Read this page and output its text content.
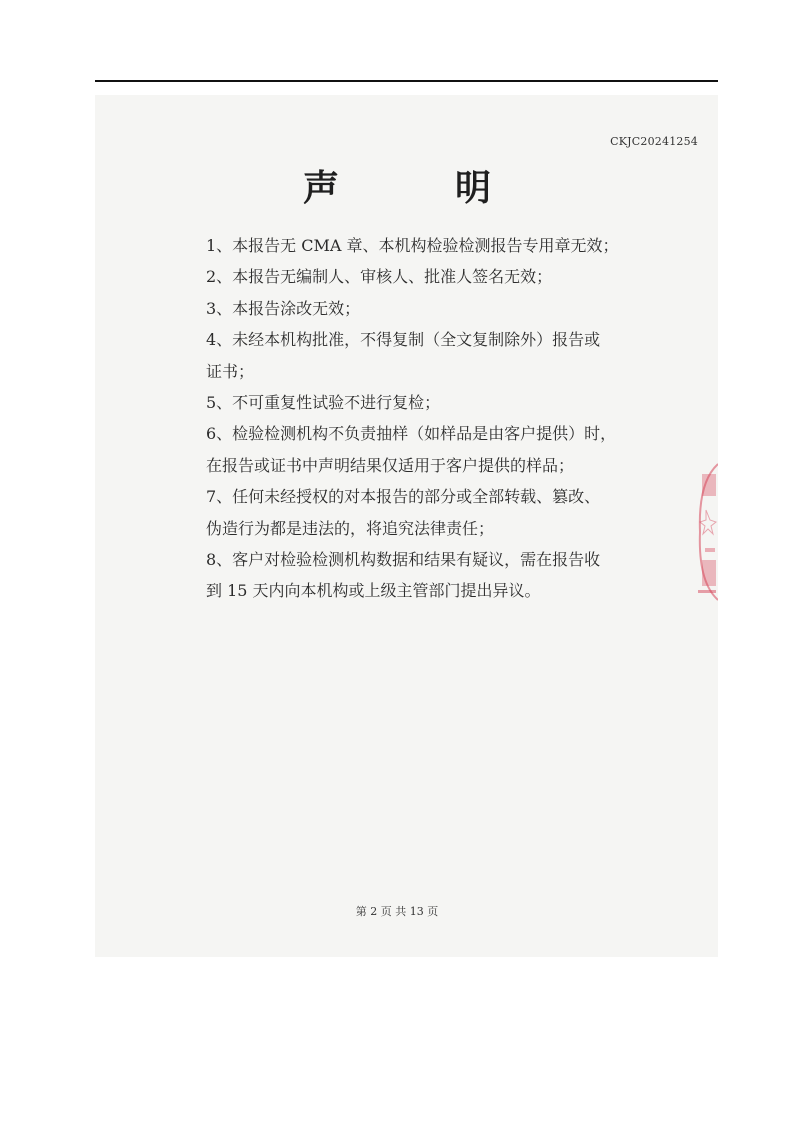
CKJC20241254
声　明
1、本报告无 CMA 章、本机构检验检测报告专用章无效；
2、本报告无编制人、审核人、批准人签名无效；
3、本报告涂改无效；
4、未经本机构批准，不得复制（全文复制除外）报告或
证书；
5、不可重复性试验不进行复检；
6、检验检测机构不负责抽样（如样品是由客户提供）时，
在报告或证书中声明结果仅适用于客户提供的样品；
7、任何未经授权的对本报告的部分或全部转载、篡改、
伪造行为都是违法的，将追究法律责任；
8、客户对检验检测机构数据和结果有疑议，需在报告收
到 15 天内向本机构或上级主管部门提出异议。
第 2 页 共 13 页
